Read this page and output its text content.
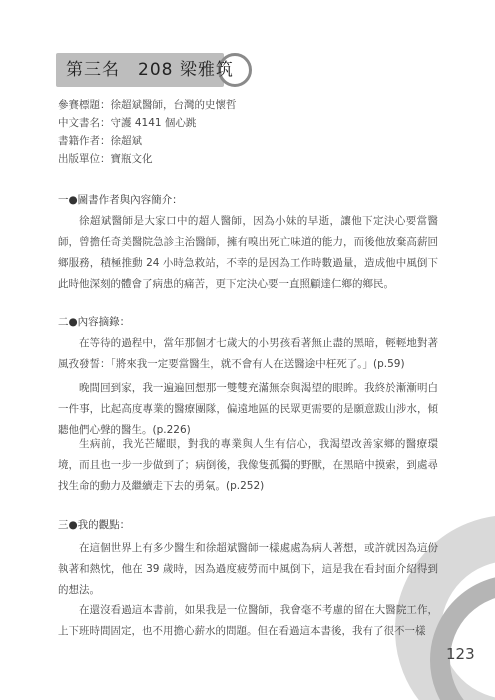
第三名　208 梁雅筑
參賽標題：徐超斌醫師，台灣的史懷哲
中文書名：守護 4141 個心跳
書籍作者：徐超斌
出版單位：寶瓶文化
一●圖書作者與內容簡介：

徐超斌醫師是大家口中的超人醫師，因為小妹的早逝，讓他下定決心要當醫師，曾擔任奇美醫院急診主治醫師，擁有嗅出死亡味道的能力，而後他放棄高薪回鄉服務，積極推動 24 小時急救站，不幸的是因為工作時數過量，造成他中風倒下此時他深刻的體會了病患的痛苦，更下定決心要一直照顧達仁鄉的鄉民。

二●內容摘錄：

在等待的過程中，當年那個才七歲大的小男孩看著無止盡的黑暗，輕輕地對著風孜發誓：「將來我一定要當醫生，就不會有人在送醫途中枉死了。」(p.59)

晚間回到家，我一遍遍回想那一雙雙充滿無奈與渴望的眼眸。我終於漸漸明白一件事，比起高度專業的醫療團隊，偏遠地區的民眾更需要的是願意跋山涉水，傾聽他們心聲的醫生。(p.226)

生病前，我光芒耀眼，對我的專業與人生有信心，我渴望改善家鄉的醫療環境，而且也一步一步做到了；病倒後，我像隻孤獨的野獸，在黑暗中摸索，到處尋找生命的動力及繼續走下去的勇氣。(p.252)

三●我的觀點：

在這個世界上有多少醫生和徐超斌醫師一樣處處為病人著想，或許就因為這份執著和熱忱，他在 39 歲時，因為過度疲勞而中風倒下，這是我在看封面介紹得到的想法。

在還沒看過這本書前，如果我是一位醫師，我會毫不考慮的留在大醫院工作，上下班時間固定，也不用擔心薪水的問題。但在看過這本書後，我有了很不一樣

123
